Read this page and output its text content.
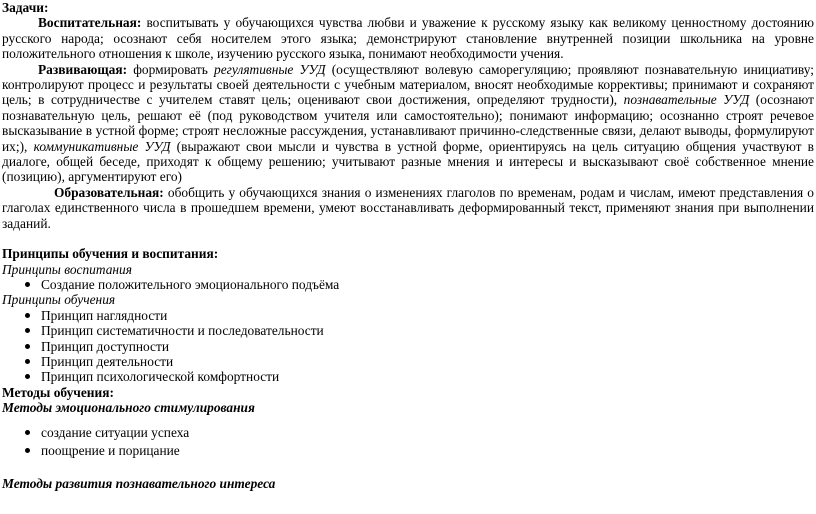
Задачи:

Воспитательная: воспитывать у обучающихся чувства любви и уважение к русскому языку как великому ценностному достоянию русского народа; осознают себя носителем этого языка; демонстрируют становление внутренней позиции школьника на уровне положительного отношения к школе, изучению русского языка, понимают необходимости учения.

Развивающая: формировать регулятивные УУД (осуществляют волевую саморегуляцию; проявляют познавательную инициативу; контролируют процесс и результаты своей деятельности с учебным материалом, вносят необходимые коррективы; принимают и сохраняют цель; в сотрудничестве с учителем ставят цель; оценивают свои достижения, определяют трудности), познавательные УУД (осознают познавательную цель, решают её (под руководством учителя или самостоятельно); понимают информацию; осознанно строят речевое высказывание в устной форме; строят несложные рассуждения, устанавливают причинно-следственные связи, делают выводы, формулируют их;), коммуникативные УУД (выражают свои мысли и чувства в устной форме, ориентируясь на цель ситуацию общения участвуют в диалоге, общей беседе, приходят к общему решению; учитывают разные мнения и интересы и высказывают своё собственное мнение (позицию), аргументируют его)

Образовательная: обобщить у обучающихся знания о изменениях глаголов по временам, родам и числам, имеют представления о глаголах единственного числа в прошедшем времени, умеют восстанавливать деформированный текст, применяют знания при выполнении заданий.

Принципы обучения и воспитания:

Принципы воспитания

Создание положительного эмоционального подъёма

Принципы обучения

Принцип наглядности
Принцип систематичности и последовательности
Принцип доступности
Принцип деятельности
Принцип психологической комфортности

Методы обучения:

Методы эмоционального стимулирования

создание ситуации успеха
поощрение и порицание

Методы развития познавательного интереса
